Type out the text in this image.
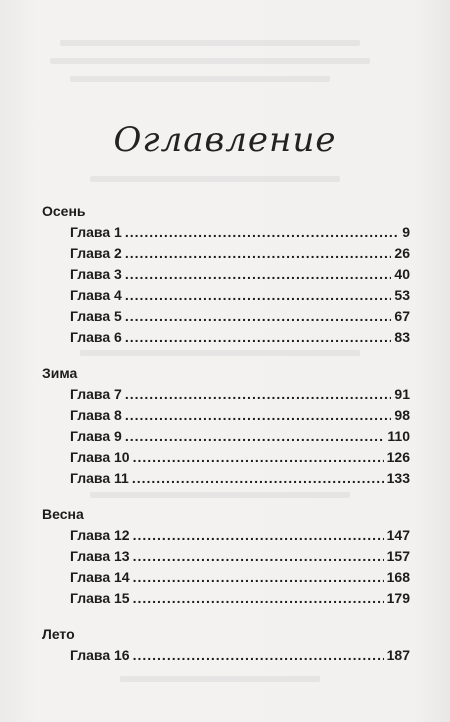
Оглавление
Осень
Глава 1 .....	9
Глава 2 .....	26
Глава 3 .....	40
Глава 4 .....	53
Глава 5 .....	67
Глава 6 .....	83
Зима
Глава 7 .....	91
Глава 8 .....	98
Глава 9 .....	110
Глава 10 .....	126
Глава 11 .....	133
Весна
Глава 12 .....	147
Глава 13 .....	157
Глава 14 .....	168
Глава 15 .....	179
Лето
Глава 16 .....	187
